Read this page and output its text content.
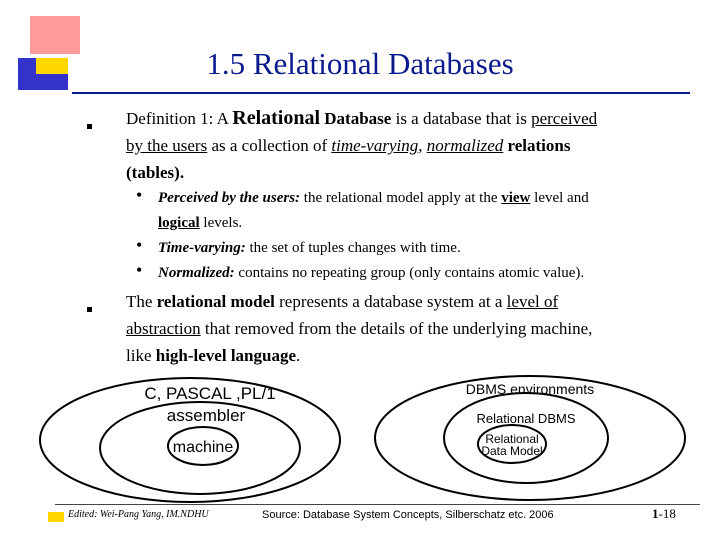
1.5 Relational Databases
Definition 1: A Relational Database is a database that is perceived
by the users as a collection of time-varying, normalized relations
(tables).
•	Perceived by the users: the relational model apply at the view level and
logical levels.
•	Time-varying: the set of tuples changes with time.
•	Normalized: contains no repeating group (only contains atomic value).
The relational model represents a database system at a level of
abstraction that removed from the details of the underlying machine,
like high-level language.
C, PASCAL ,PL/1
assembler
machine
DBMS environments
Relational DBMS
Relational
Data Model
Edited: Wei-Pang Yang, IM.NDHU	Source: Database System Concepts, Silberschatz etc. 2006	1-18
